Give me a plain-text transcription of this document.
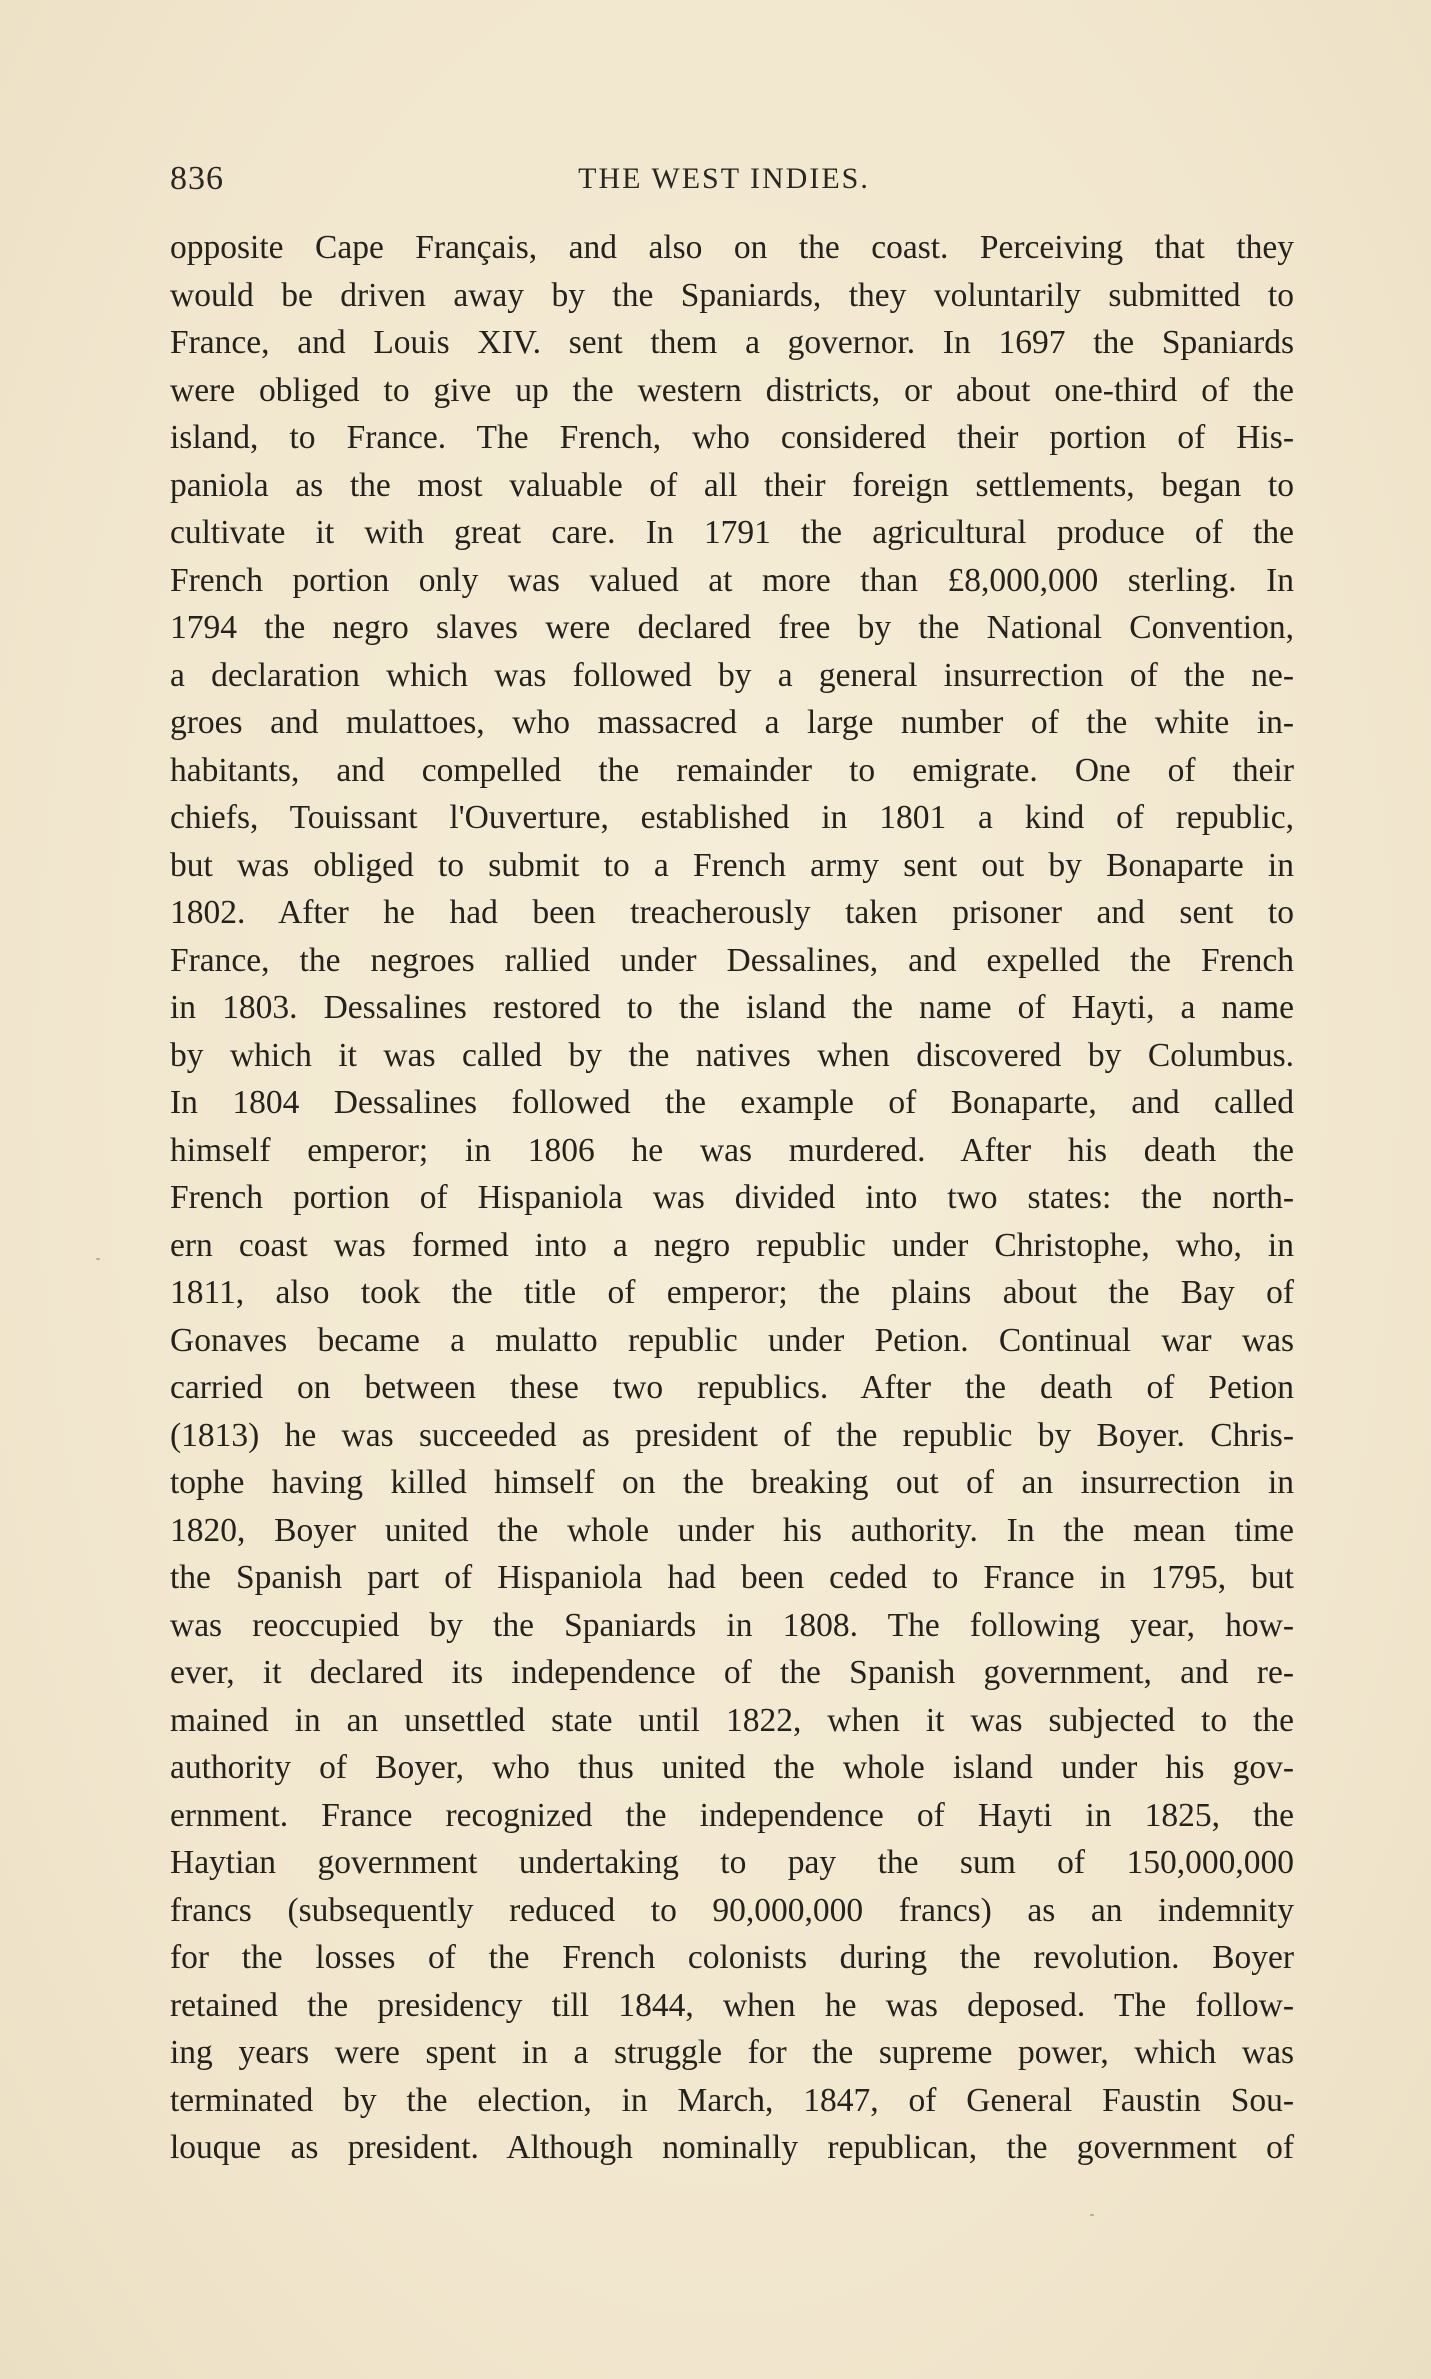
836	THE WEST INDIES.
opposite Cape Français, and also on the coast. Perceiving that they
would be driven away by the Spaniards, they voluntarily submitted to
France, and Louis XIV. sent them a governor. In 1697 the Spaniards
were obliged to give up the western districts, or about one-third of the
island, to France. The French, who considered their portion of His-
paniola as the most valuable of all their foreign settlements, began to
cultivate it with great care. In 1791 the agricultural produce of the
French portion only was valued at more than £8,000,000 sterling. In
1794 the negro slaves were declared free by the National Convention,
a declaration which was followed by a general insurrection of the ne-
groes and mulattoes, who massacred a large number of the white in-
habitants, and compelled the remainder to emigrate. One of their
chiefs, Touissant l'Ouverture, established in 1801 a kind of republic,
but was obliged to submit to a French army sent out by Bonaparte in
1802. After he had been treacherously taken prisoner and sent to
France, the negroes rallied under Dessalines, and expelled the French
in 1803. Dessalines restored to the island the name of Hayti, a name
by which it was called by the natives when discovered by Columbus.
In 1804 Dessalines followed the example of Bonaparte, and called
himself emperor; in 1806 he was murdered. After his death the
French portion of Hispaniola was divided into two states: the north-
ern coast was formed into a negro republic under Christophe, who, in
1811, also took the title of emperor; the plains about the Bay of
Gonaves became a mulatto republic under Petion. Continual war was
carried on between these two republics. After the death of Petion
(1813) he was succeeded as president of the republic by Boyer. Chris-
tophe having killed himself on the breaking out of an insurrection in
1820, Boyer united the whole under his authority. In the mean time
the Spanish part of Hispaniola had been ceded to France in 1795, but
was reoccupied by the Spaniards in 1808. The following year, how-
ever, it declared its independence of the Spanish government, and re-
mained in an unsettled state until 1822, when it was subjected to the
authority of Boyer, who thus united the whole island under his gov-
ernment. France recognized the independence of Hayti in 1825, the
Haytian government undertaking to pay the sum of 150,000,000
francs (subsequently reduced to 90,000,000 francs) as an indemnity
for the losses of the French colonists during the revolution. Boyer
retained the presidency till 1844, when he was deposed. The follow-
ing years were spent in a struggle for the supreme power, which was
terminated by the election, in March, 1847, of General Faustin Sou-
louque as president. Although nominally republican, the government of
